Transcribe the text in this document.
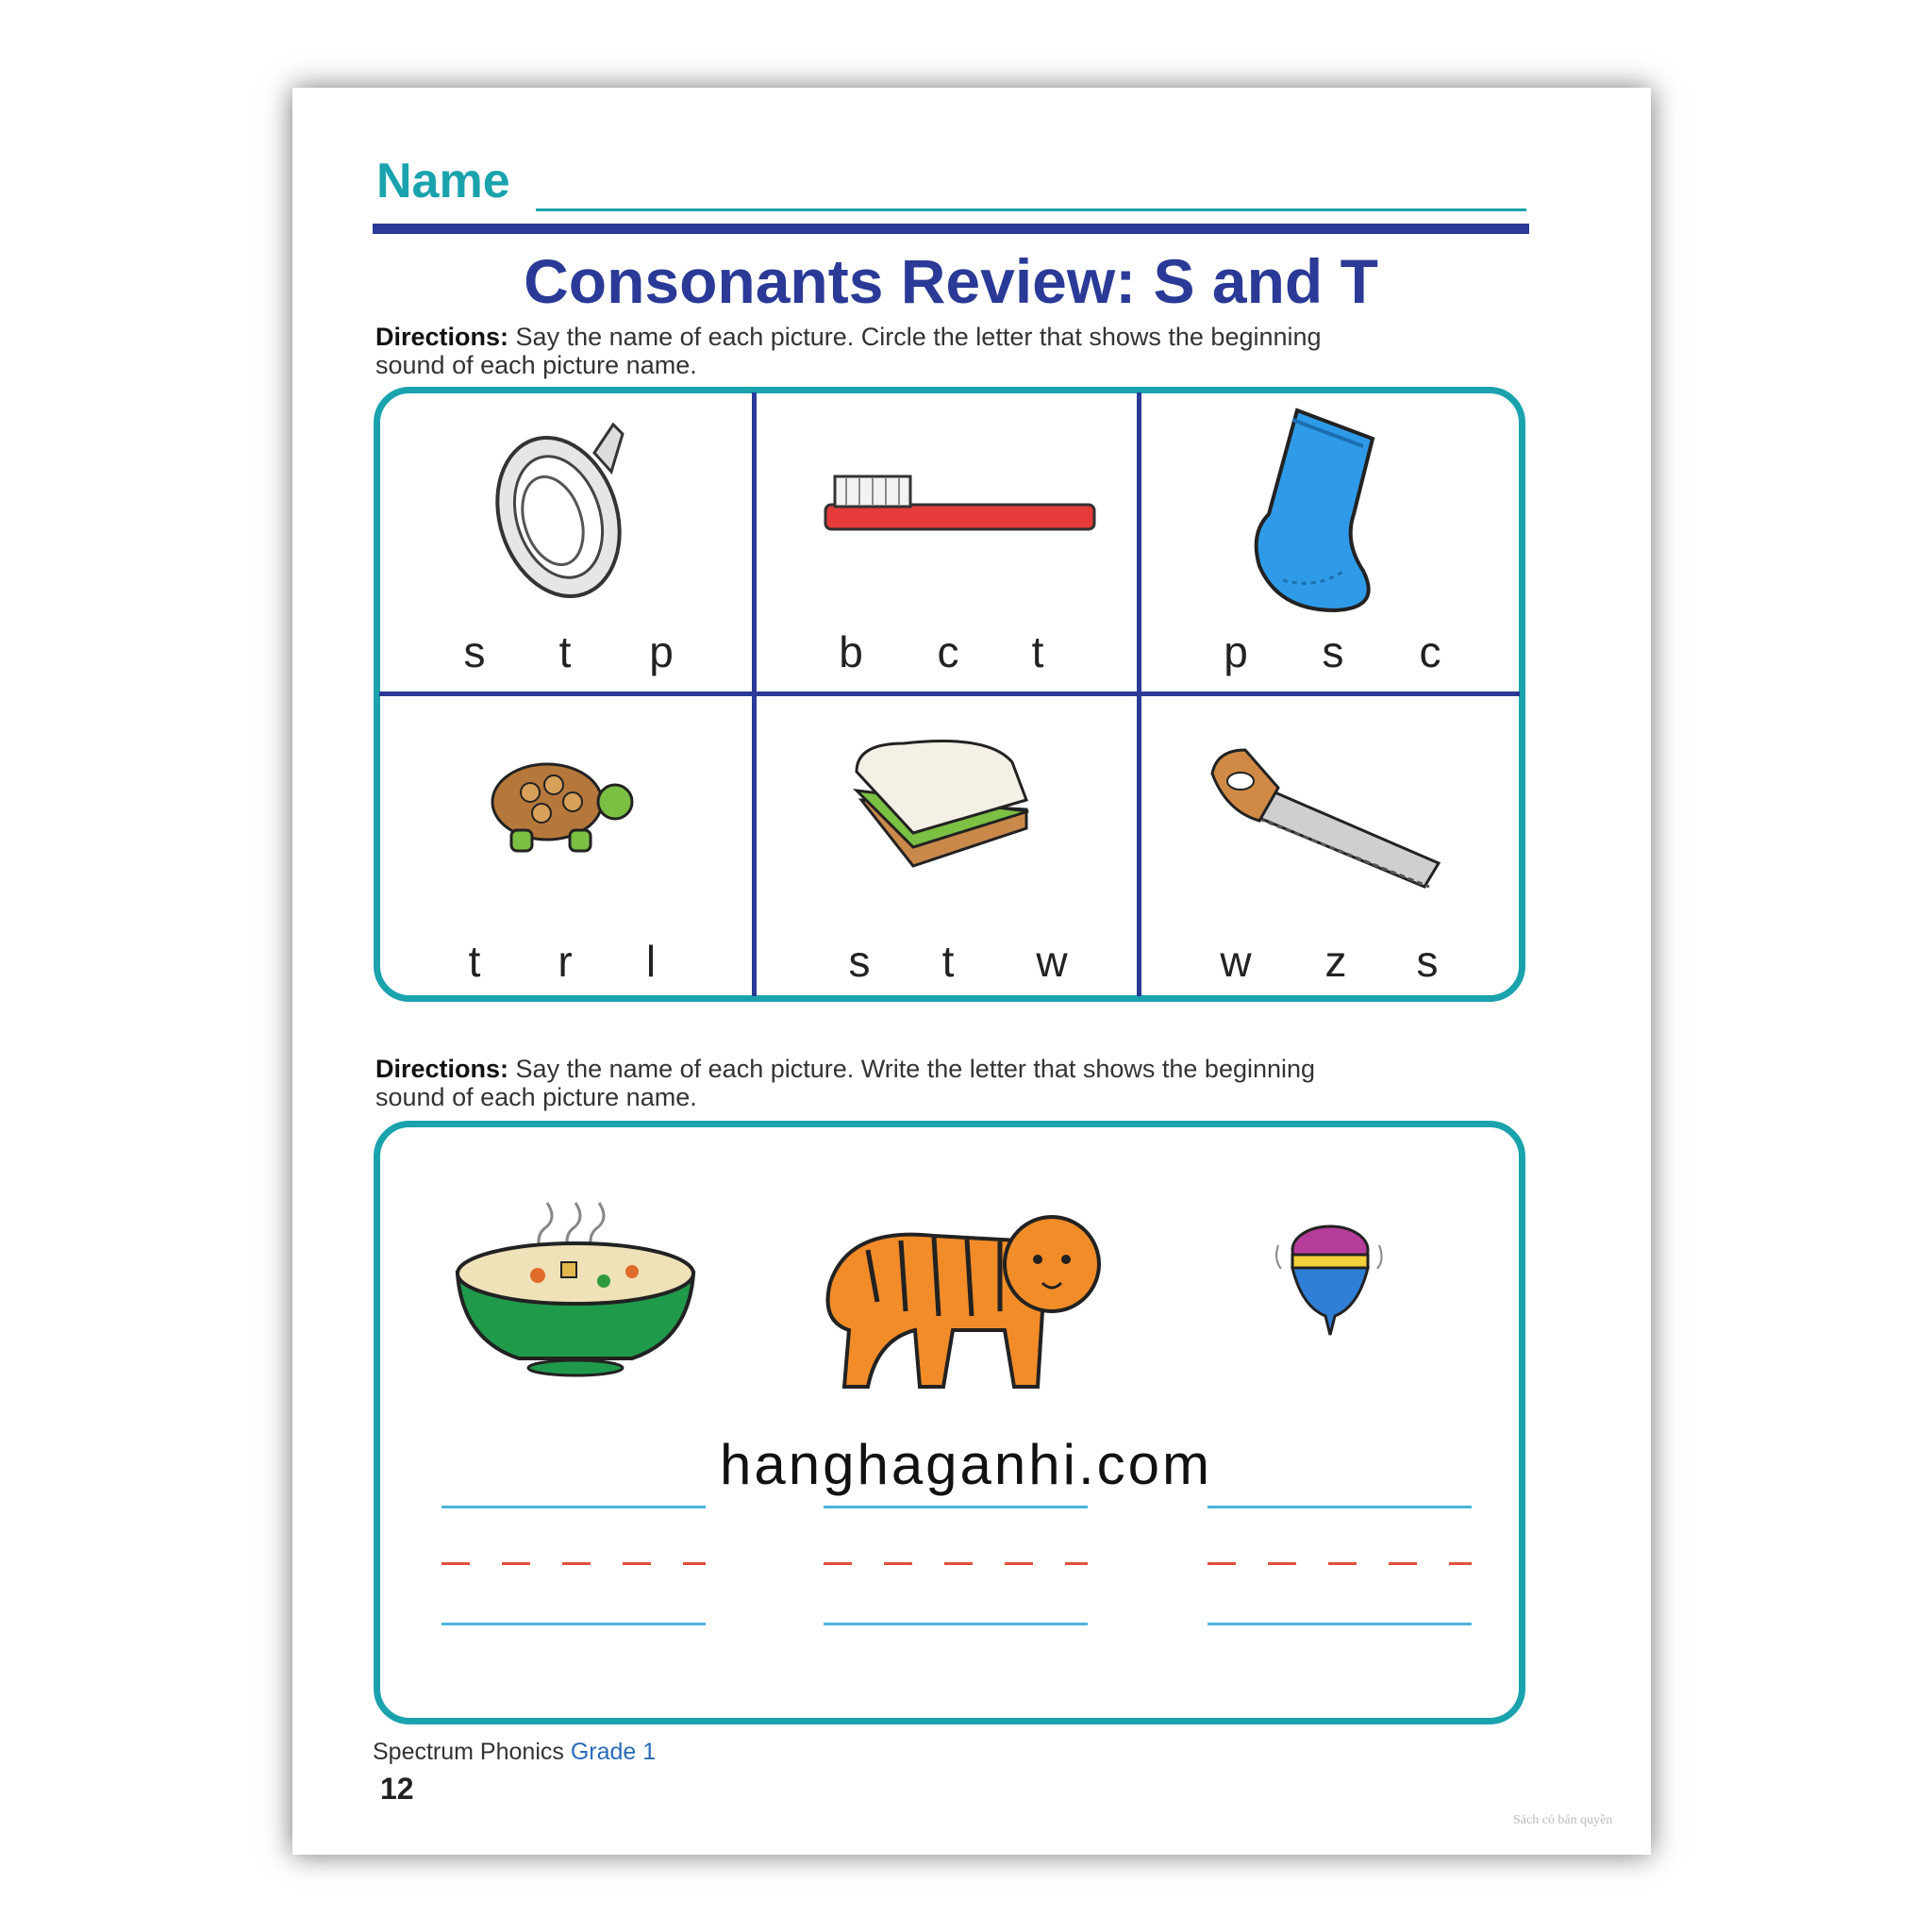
Name
Consonants Review: S and T
Directions: Say the name of each picture. Circle the letter that shows the beginning
sound of each picture name.
s	t	p	b	c	t	p	s	c
t	r	l	s	t	w	w	z	s
Directions: Say the name of each picture. Write the letter that shows the beginning
sound of each picture name.
hanghaganhi.com
Spectrum Phonics Grade 1
12
Sách có bản quyền
